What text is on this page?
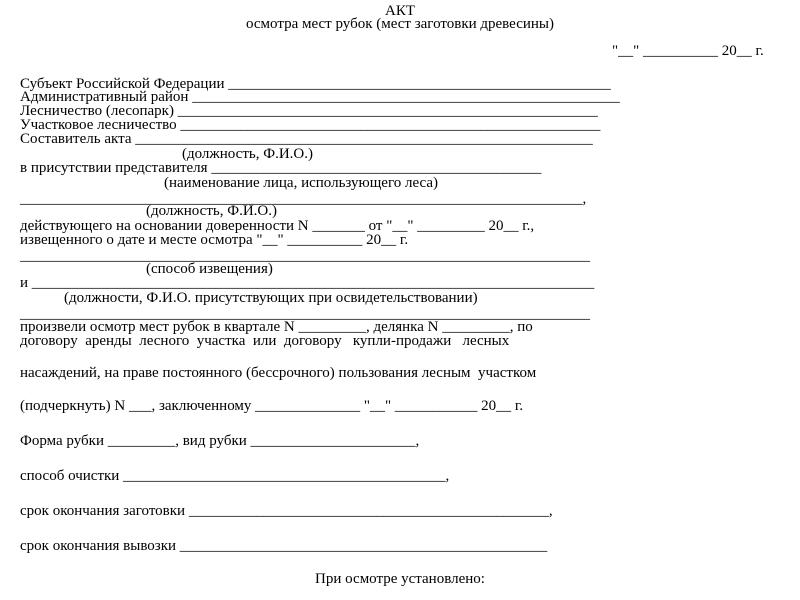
АКТ
осмотра мест рубок (мест заготовки древесины)
"__" __________ 20__ г.
Субъект Российской Федерации ___________________________________________________
Административный район _________________________________________________________
Лесничество (лесопарк) ________________________________________________________
Участковое лесничество ________________________________________________________
Составитель акта _____________________________________________________________
(должность, Ф.И.О.)
в присутствии представителя ____________________________________________
(наименование лица, использующего леса)
___________________________________________________________________________,
(должность, Ф.И.О.)
действующего на основании доверенности N _______ от "__" _________ 20__ г.,
извещенного о дате и месте осмотра "__" __________ 20__ г.
____________________________________________________________________________
(способ извещения)
и ___________________________________________________________________________
(должности, Ф.И.О. присутствующих при освидетельствовании)
____________________________________________________________________________
произвели осмотр мест рубок в квартале N _________, делянка N _________, по
договору  аренды  лесного  участка  или  договору   купли-продажи   лесных
насаждений, на праве постоянного (бессрочного) пользования лесным  участком
(подчеркнуть) N ___, заключенному ______________ "__" ___________ 20__ г.
Форма рубки _________, вид рубки ______________________,
способ очистки ___________________________________________,
срок окончания заготовки ________________________________________________,
срок окончания вывозки _________________________________________________
При осмотре установлено:
